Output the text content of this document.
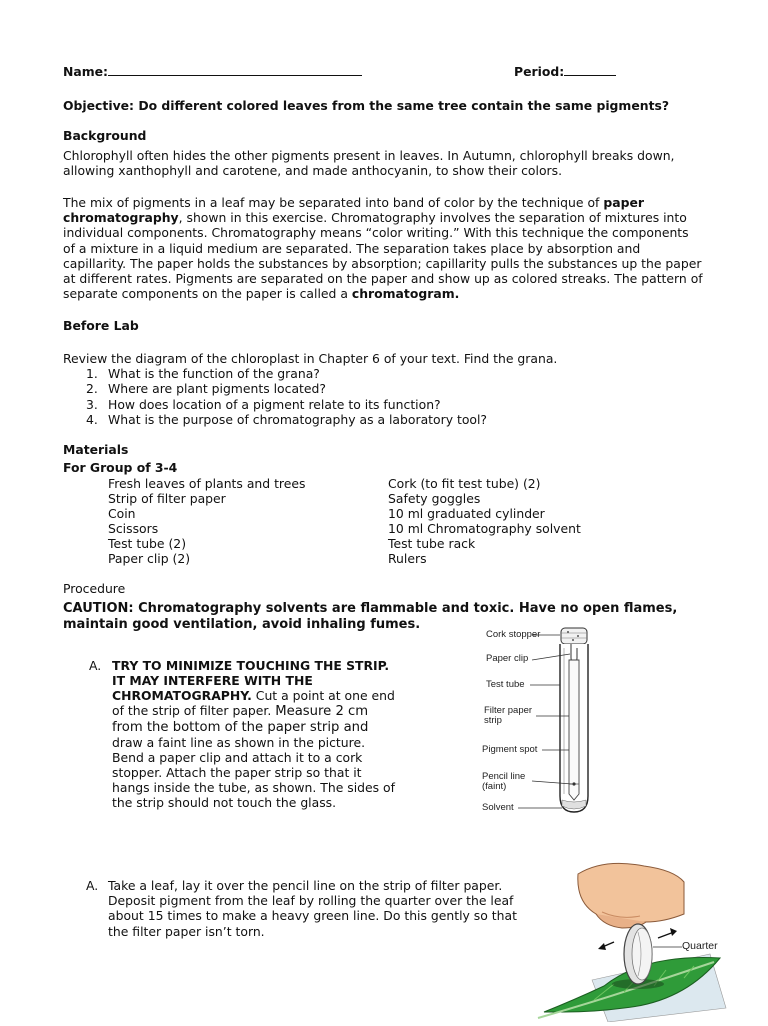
Name:	Period:
Objective: Do different colored leaves from the same tree contain the same pigments?
Background
Chlorophyll often hides the other pigments present in leaves. In Autumn, chlorophyll breaks down, allowing xanthophyll and carotene, and made anthocyanin, to show their colors.
The mix of pigments in a leaf may be separated into band of color by the technique of paper chromatography, shown in this exercise. Chromatography involves the separation of mixtures into individual components. Chromatography means “color writing.” With this technique the components of a mixture in a liquid medium are separated. The separation takes place by absorption and capillarity. The paper holds the substances by absorption; capillarity pulls the substances up the paper at different rates. Pigments are separated on the paper and show up as colored streaks. The pattern of separate components on the paper is called a chromatogram.
Before Lab
Review the diagram of the chloroplast in Chapter 6 of your text. Find the grana.
1. What is the function of the grana?
2. Where are plant pigments located?
3. How does location of a pigment relate to its function?
4. What is the purpose of chromatography as a laboratory tool?
Materials
For Group of 3-4
Fresh leaves of plants and trees
Strip of filter paper
Coin
Scissors
Test tube (2)
Paper clip (2)
Cork (to fit test tube) (2)
Safety goggles
10 ml graduated cylinder
10 ml Chromatography solvent
Test tube rack
Rulers
Procedure
CAUTION: Chromatography solvents are flammable and toxic. Have no open flames, maintain good ventilation, avoid inhaling fumes.
A. TRY TO MINIMIZE TOUCHING THE STRIP. IT MAY INTERFERE WITH THE CHROMATOGRAPHY. Cut a point at one end of the strip of filter paper. Measure 2 cm from the bottom of the paper strip and draw a faint line as shown in the picture. Bend a paper clip and attach it to a cork stopper. Attach the paper strip so that it hangs inside the tube, as shown. The sides of the strip should not touch the glass.
Cork stopper
Paper clip
Test tube
Filter paper strip
Pigment spot
Pencil line (faint)
Solvent
A. Take a leaf, lay it over the pencil line on the strip of filter paper. Deposit pigment from the leaf by rolling the quarter over the leaf about 15 times to make a heavy green line. Do this gently so that the filter paper isn’t torn.
Quarter
